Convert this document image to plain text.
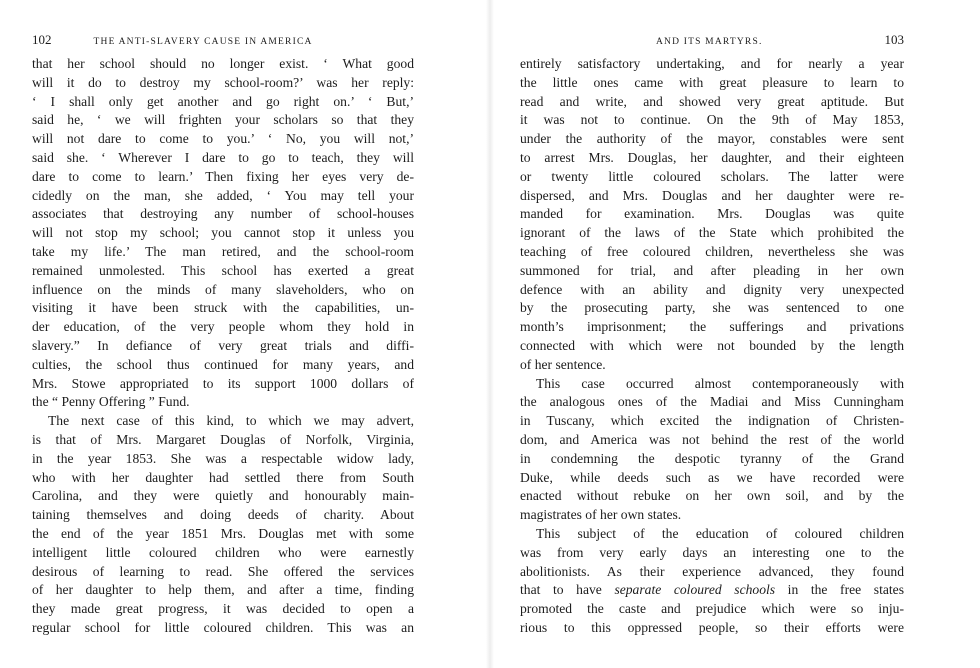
102	THE ANTI-SLAVERY CAUSE IN AMERICA
that her school should no longer exist. ‘ What good
will it do to destroy my school-room?’ was her reply:
‘ I shall only get another and go right on.’ ‘ But,’
said he, ‘ we will frighten your scholars so that they
will not dare to come to you.’ ‘ No, you will not,’
said she. ‘ Wherever I dare to go to teach, they will
dare to come to learn.’ Then fixing her eyes very de-
cidedly on the man, she added, ‘ You may tell your
associates that destroying any number of school-houses
will not stop my school; you cannot stop it unless you
take my life.’ The man retired, and the school-room
remained unmolested. This school has exerted a great
influence on the minds of many slaveholders, who on
visiting it have been struck with the capabilities, un-
der education, of the very people whom they hold in
slavery.” In defiance of very great trials and diffi-
culties, the school thus continued for many years, and
Mrs. Stowe appropriated to its support 1000 dollars of
the “ Penny Offering ” Fund.
The next case of this kind, to which we may advert,
is that of Mrs. Margaret Douglas of Norfolk, Virginia,
in the year 1853. She was a respectable widow lady,
who with her daughter had settled there from South
Carolina, and they were quietly and honourably main-
taining themselves and doing deeds of charity. About
the end of the year 1851 Mrs. Douglas met with some
intelligent little coloured children who were earnestly
desirous of learning to read. She offered the services
of her daughter to help them, and after a time, finding
they made great progress, it was decided to open a
regular school for little coloured children. This was an
AND ITS MARTYRS.	103
entirely satisfactory undertaking, and for nearly a year
the little ones came with great pleasure to learn to
read and write, and showed very great aptitude. But
it was not to continue. On the 9th of May 1853,
under the authority of the mayor, constables were sent
to arrest Mrs. Douglas, her daughter, and their eighteen
or twenty little coloured scholars. The latter were
dispersed, and Mrs. Douglas and her daughter were re-
manded for examination. Mrs. Douglas was quite
ignorant of the laws of the State which prohibited the
teaching of free coloured children, nevertheless she was
summoned for trial, and after pleading in her own
defence with an ability and dignity very unexpected
by the prosecuting party, she was sentenced to one
month’s imprisonment; the sufferings and privations
connected with which were not bounded by the length
of her sentence.
This case occurred almost contemporaneously with
the analogous ones of the Madiai and Miss Cunningham
in Tuscany, which excited the indignation of Christen-
dom, and America was not behind the rest of the world
in condemning the despotic tyranny of the Grand
Duke, while deeds such as we have recorded were
enacted without rebuke on her own soil, and by the
magistrates of her own states.
This subject of the education of coloured children
was from very early days an interesting one to the
abolitionists. As their experience advanced, they found
that to have separate coloured schools in the free states
promoted the caste and prejudice which were so inju-
rious to this oppressed people, so their efforts were
